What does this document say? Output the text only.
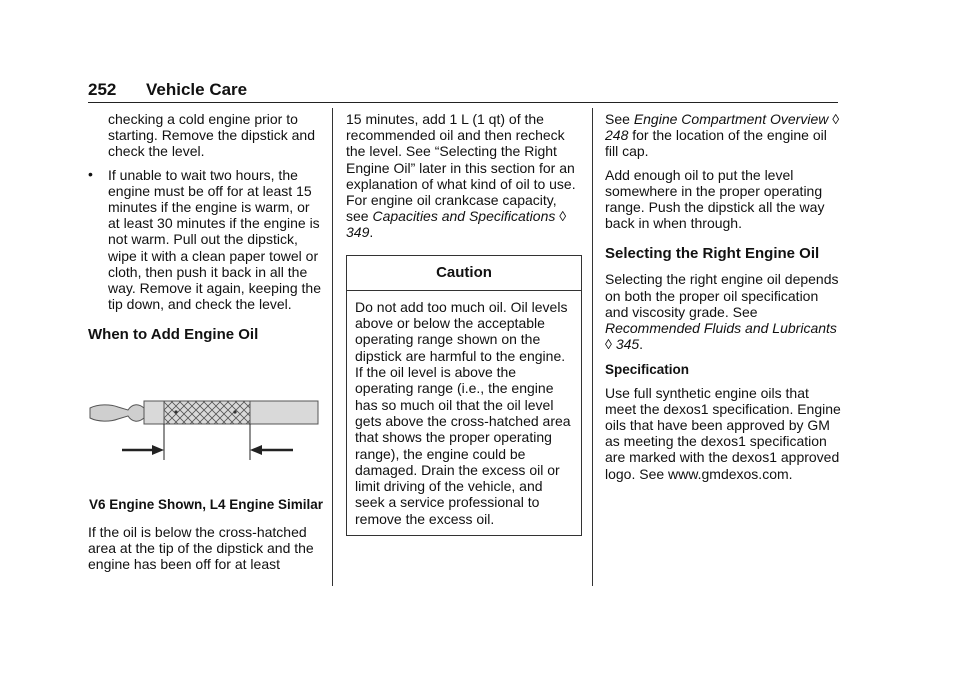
252 Vehicle Care

checking a cold engine prior to starting. Remove the dipstick and check the level.

• If unable to wait two hours, the engine must be off for at least 15 minutes if the engine is warm, or at least 30 minutes if the engine is not warm. Pull out the dipstick, wipe it with a clean paper towel or cloth, then push it back in all the way. Remove it again, keeping the tip down, and check the level.
When to Add Engine Oil
V6 Engine Shown, L4 Engine Similar

If the oil is below the cross-hatched area at the tip of the dipstick and the engine has been off for at least

15 minutes, add 1 L (1 qt) of the recommended oil and then recheck the level. See “Selecting the Right Engine Oil” later in this section for an explanation of what kind of oil to use. For engine oil crankcase capacity, see Capacities and Specifications ◊ 349.

Caution
Do not add too much oil. Oil levels above or below the acceptable operating range shown on the dipstick are harmful to the engine. If the oil level is above the operating range (i.e., the engine has so much oil that the oil level gets above the cross-hatched area that shows the proper operating range), the engine could be damaged. Drain the excess oil or limit driving of the vehicle, and seek a service professional to remove the excess oil.

See Engine Compartment Overview ◊ 248 for the location of the engine oil fill cap.

Add enough oil to put the level somewhere in the proper operating range. Push the dipstick all the way back in when through.

Selecting the Right Engine Oil

Selecting the right engine oil depends on both the proper oil specification and viscosity grade. See Recommended Fluids and Lubricants ◊ 345.

Specification

Use full synthetic engine oils that meet the dexos1 specification. Engine oils that have been approved by GM as meeting the dexos1 specification are marked with the dexos1 approved logo. See www.gmdexos.com.
